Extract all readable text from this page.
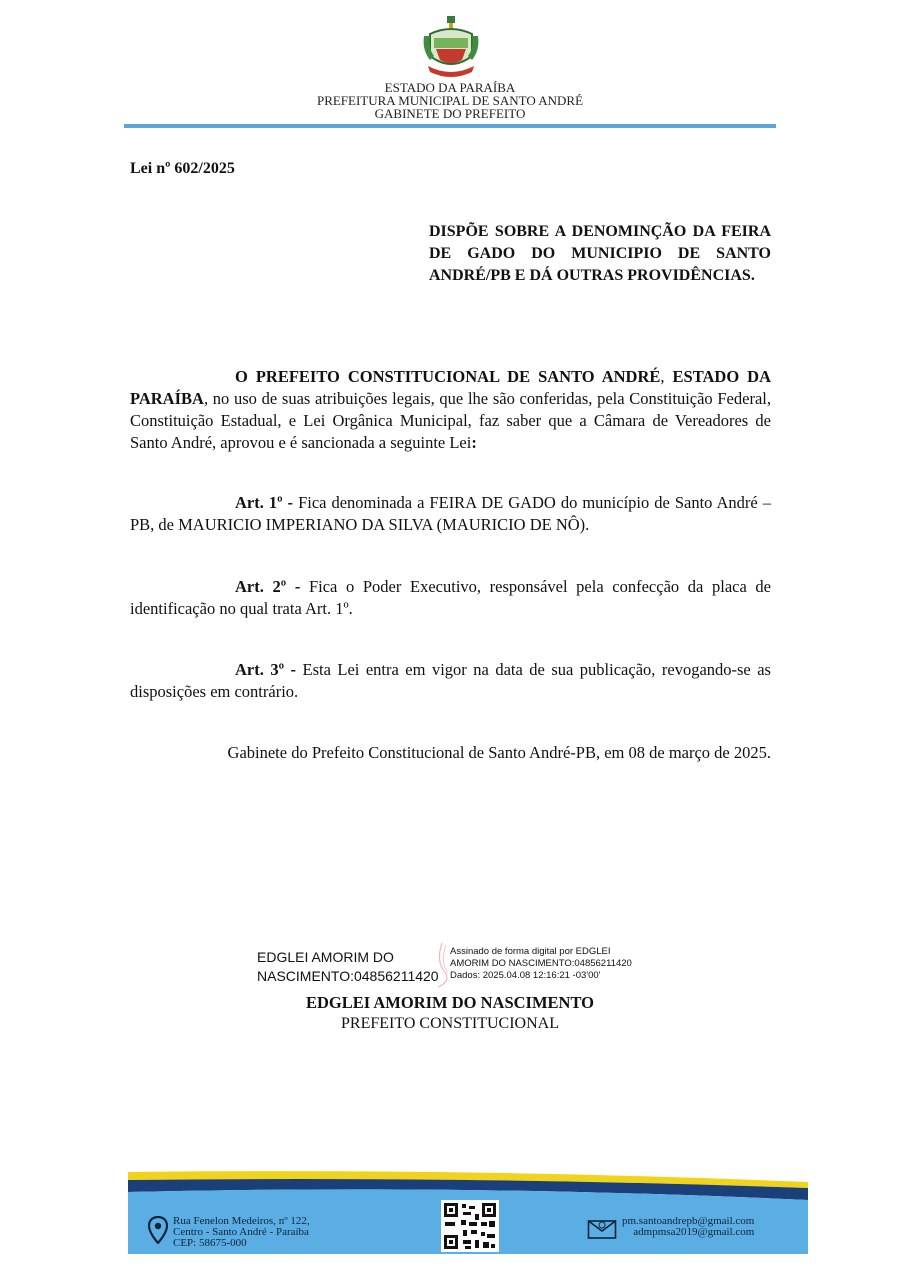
ESTADO DA PARAÍBA
PREFEITURA MUNICIPAL DE SANTO ANDRÉ
GABINETE DO PREFEITO
Lei nº 602/2025
DISPÕE SOBRE A DENOMINÇÃO DA FEIRA DE GADO DO MUNICIPIO DE SANTO ANDRÉ/PB E DÁ OUTRAS PROVIDÊNCIAS.
O PREFEITO CONSTITUCIONAL DE SANTO ANDRÉ, ESTADO DA PARAÍBA, no uso de suas atribuições legais, que lhe são conferidas, pela Constituição Federal, Constituição Estadual, e Lei Orgânica Municipal, faz saber que a Câmara de Vereadores de Santo André, aprovou e é sancionada a seguinte Lei:
Art. 1º - Fica denominada a FEIRA DE GADO do município de Santo André – PB, de MAURICIO IMPERIANO DA SILVA (MAURICIO DE NÔ).
Art. 2º - Fica o Poder Executivo, responsável pela confecção da placa de identificação no qual trata Art. 1º.
Art. 3º - Esta Lei entra em vigor na data de sua publicação, revogando-se as disposições em contrário.
Gabinete do Prefeito Constitucional de Santo André-PB, em 08 de março de 2025.
EDGLEI AMORIM DO
NASCIMENTO:04856211420
Assinado de forma digital por EDGLEI
AMORIM DO NASCIMENTO:04856211420
Dados: 2025.04.08 12:16:21 -03'00'
EDGLEI AMORIM DO NASCIMENTO
PREFEITO CONSTITUCIONAL
Rua Fenelon Medeiros, nº 122,
Centro - Santo André - Paraíba
CEP: 58675-000
pm.santoandrepb@gmail.com
admpmsa2019@gmail.com
